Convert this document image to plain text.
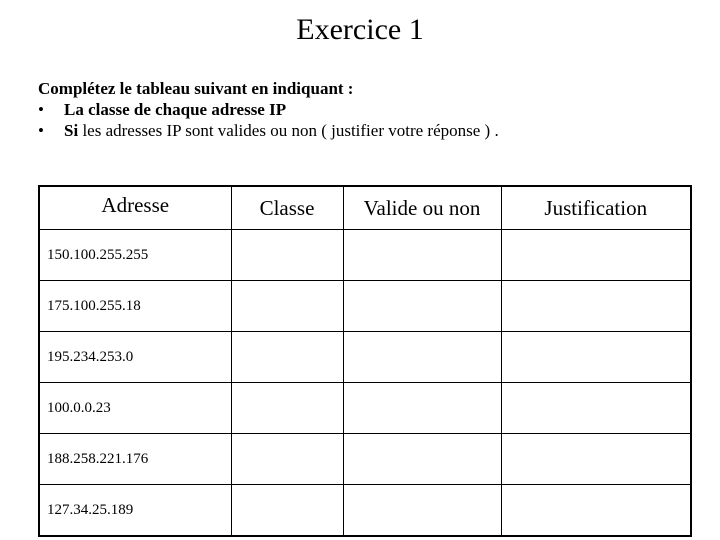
Exercice 1
Complétez le tableau suivant en indiquant :
•	La classe de chaque adresse IP
•	Si les adresses IP sont valides ou non ( justifier votre réponse ) .
Adresse	Classe	Valide ou non	Justification
150.100.255.255			
175.100.255.18			
195.234.253.0			
100.0.0.23			
188.258.221.176			
127.34.25.189			
